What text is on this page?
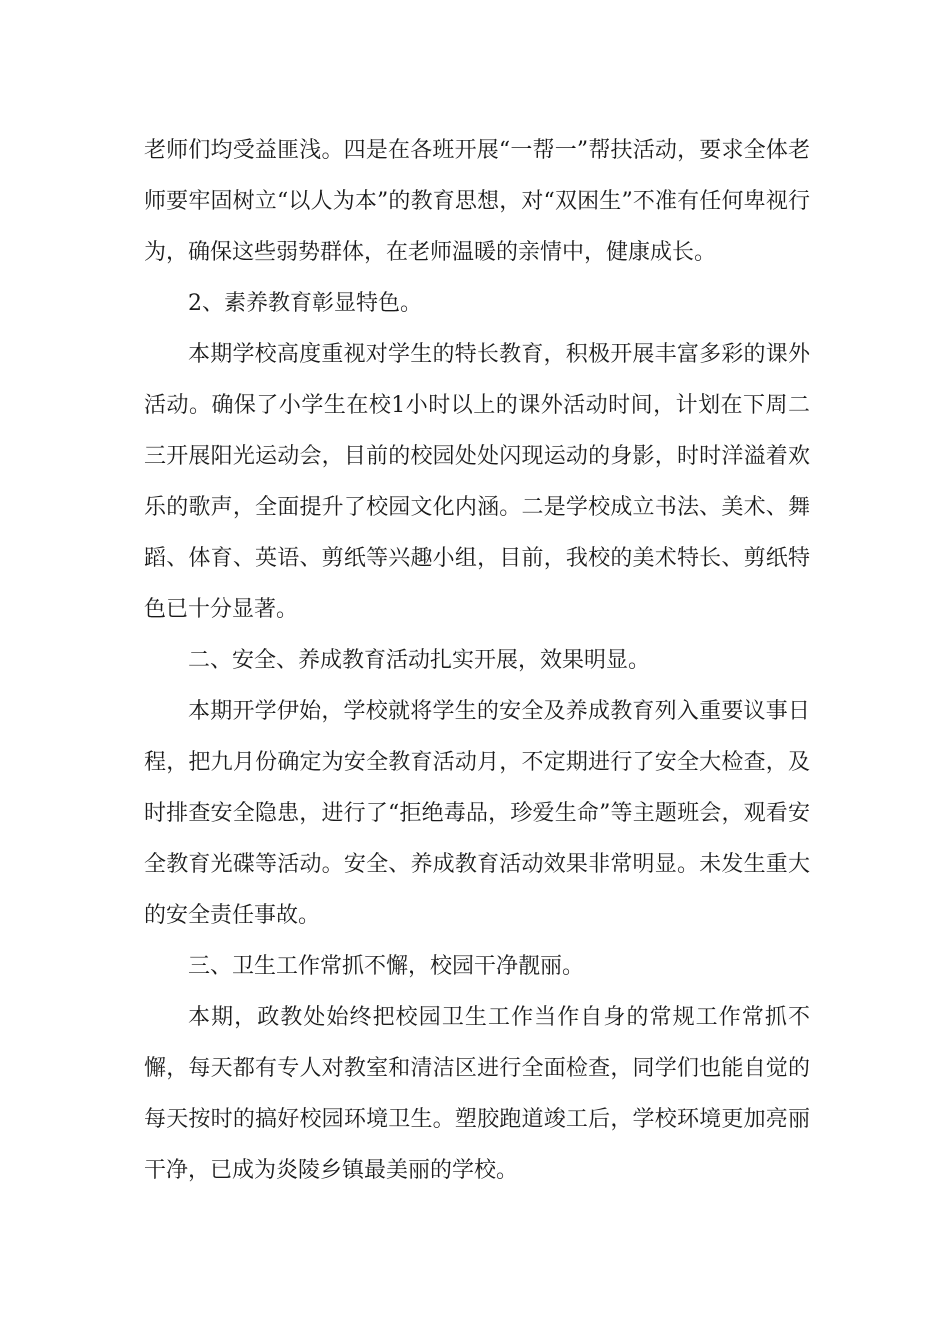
老师们均受益匪浅。四是在各班开展“一帮一”帮扶活动，要求全体老师要牢固树立“以人为本”的教育思想，对“双困生”不准有任何卑视行为，确保这些弱势群体，在老师温暖的亲情中，健康成长。

2、素养教育彰显特色。

本期学校高度重视对学生的特长教育，积极开展丰富多彩的课外活动。确保了小学生在校1小时以上的课外活动时间，计划在下周二三开展阳光运动会，目前的校园处处闪现运动的身影，时时洋溢着欢乐的歌声，全面提升了校园文化内涵。二是学校成立书法、美术、舞蹈、体育、英语、剪纸等兴趣小组，目前，我校的美术特长、剪纸特色已十分显著。

二、安全、养成教育活动扎实开展，效果明显。

本期开学伊始，学校就将学生的安全及养成教育列入重要议事日程，把九月份确定为安全教育活动月，不定期进行了安全大检查，及时排查安全隐患，进行了“拒绝毒品，珍爱生命”等主题班会，观看安全教育光碟等活动。安全、养成教育活动效果非常明显。未发生重大的安全责任事故。

三、卫生工作常抓不懈，校园干净靓丽。

本期，政教处始终把校园卫生工作当作自身的常规工作常抓不懈，每天都有专人对教室和清洁区进行全面检查，同学们也能自觉的每天按时的搞好校园环境卫生。塑胶跑道竣工后，学校环境更加亮丽干净，已成为炎陵乡镇最美丽的学校。
